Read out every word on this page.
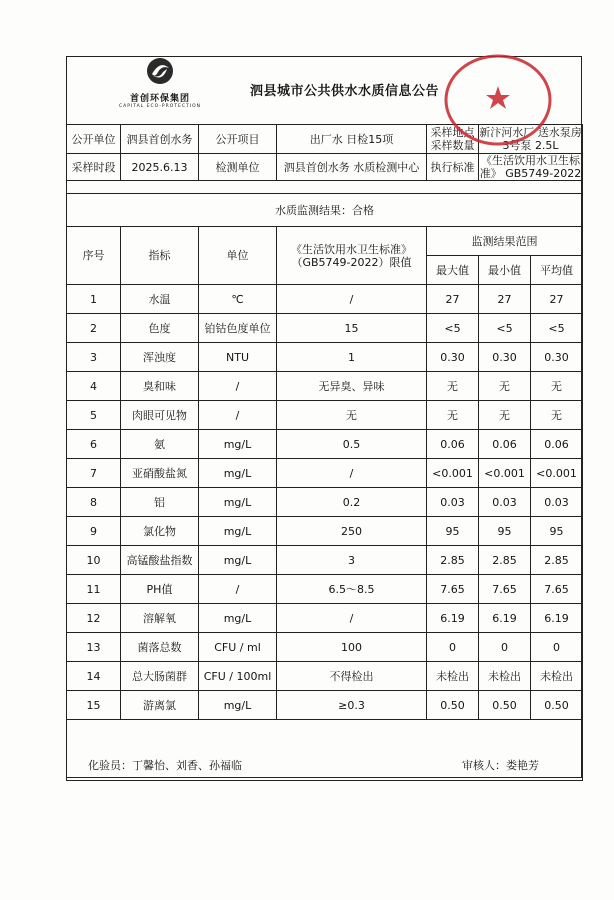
首创环保集团
CAPITAL ECO-PROTECTION
泗县城市公共供水水质信息公告
公开单位	泗县首创水务	公开项目	出厂水 日检15项	采样地点 采样数量	新汴河水厂 送水泵房3号泵 2.5L	
采样时段	2025.6.13	检测单位	泗县首创水务 水质检测中心	执行标准	《生活饮用水卫生标准》 GB5749-2022	

水质监测结果：合格						
序号	指标	单位	《生活饮用水卫生标准》 （GB5749-2022）限值	监测结果范围		
				最大值	最小值	平均值
1	水温	℃	/	27	27	27
2	色度	铂钴色度单位	15	<5	<5	<5
3	浑浊度	NTU	1	0.30	0.30	0.30
4	臭和味	/	无异臭、异味	无	无	无
5	肉眼可见物	/	无	无	无	无
6	氨	mg/L	0.5	0.06	0.06	0.06
7	亚硝酸盐氮	mg/L	/	<0.001	<0.001	<0.001
8	铝	mg/L	0.2	0.03	0.03	0.03
9	氯化物	mg/L	250	95	95	95
10	高锰酸盐指数	mg/L	3	2.85	2.85	2.85
11	PH值	/	6.5～8.5	7.65	7.65	7.65
12	溶解氧	mg/L	/	6.19	6.19	6.19
13	菌落总数	CFU / ml	100	0	0	0
14	总大肠菌群	CFU / 100ml	不得检出	未检出	未检出	未检出
15	游离氯	mg/L	≥0.3	0.50	0.50	0.50

化验员：丁馨怡、刘香、孙福临	审核人：娄艳芳
